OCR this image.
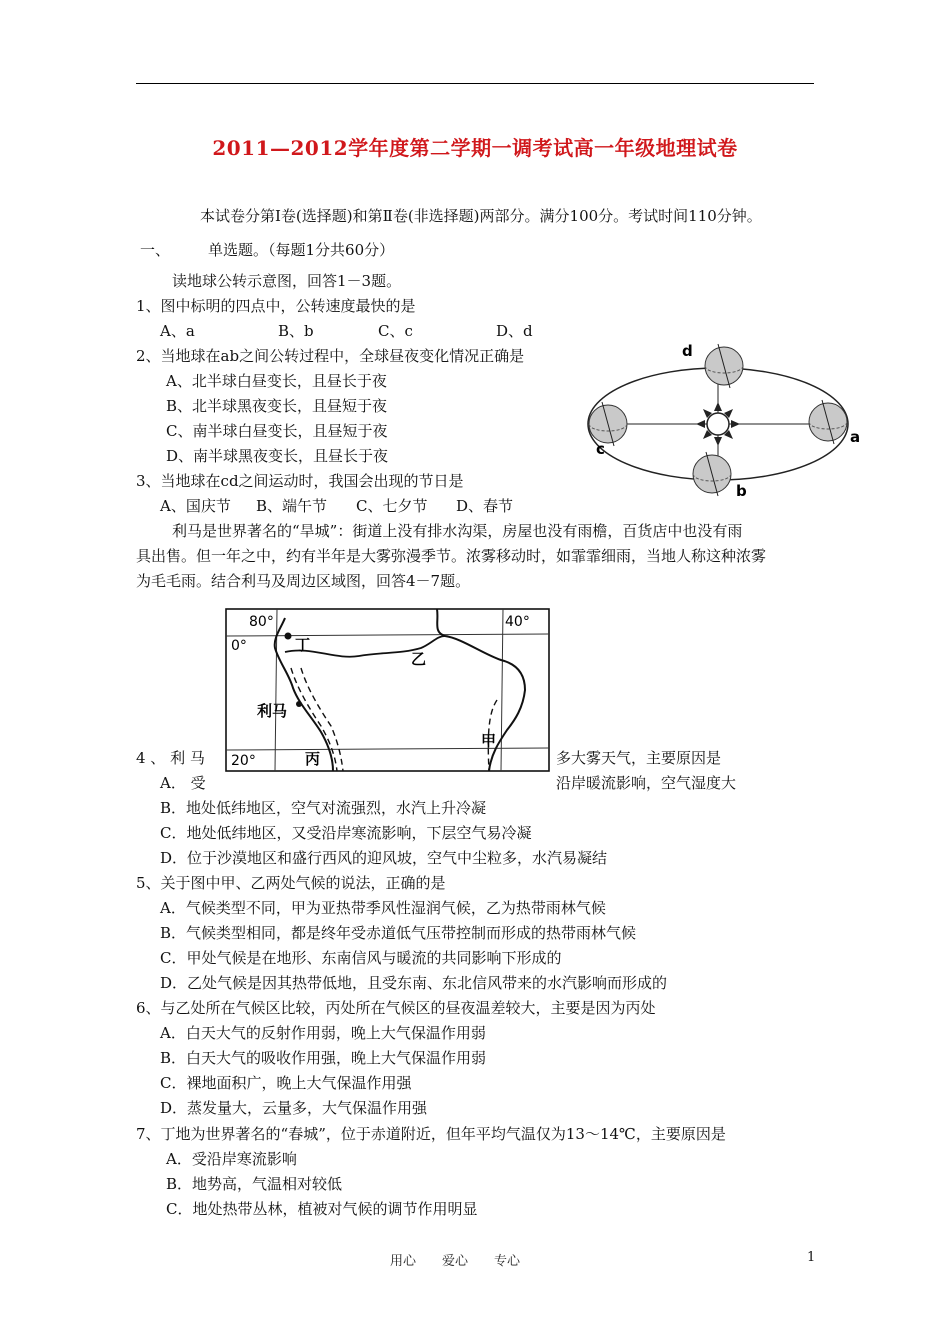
2011—2012学年度第二学期一调考试高一年级地理试卷
本试卷分第Ⅰ卷(选择题)和第Ⅱ卷(非选择题)两部分。满分100分。考试时间110分钟。
一、	单选题。（每题1分共60分）
读地球公转示意图，回答1－3题。
1、图中标明的四点中，公转速度最快的是
A、a	B、b	C、c	D、d
2、当地球在ab之间公转过程中，全球昼夜变化情况正确是
A、北半球白昼变长，且昼长于夜
B、北半球黑夜变长，且昼短于夜
C、南半球白昼变长，且昼短于夜
D、南半球黑夜变长，且昼长于夜
3、当地球在cd之间运动时，我国会出现的节日是
A、国庆节 B、端午节 C、七夕节 D、春节
d
a
c
b
利马是世界著名的“旱城”：街道上没有排水沟渠，房屋也没有雨檐，百货店中也没有雨
具出售。但一年之中，约有半年是大雾弥漫季节。浓雾移动时，如霏霏细雨，当地人称这种浓雾
为毛毛雨。结合利马及周边区域图，回答4－7题。
80°	40°
0°
20°
丁
乙
利马
丙
甲
4 、 利 马	多大雾天气，主要原因是
A． 受	沿岸暖流影响，空气湿度大
B．地处低纬地区，空气对流强烈，水汽上升冷凝
C．地处低纬地区，又受沿岸寒流影响，下层空气易冷凝
D．位于沙漠地区和盛行西风的迎风坡，空气中尘粒多，水汽易凝结
5、关于图中甲、乙两处气候的说法，正确的是
A．气候类型不同，甲为亚热带季风性湿润气候，乙为热带雨林气候
B．气候类型相同，都是终年受赤道低气压带控制而形成的热带雨林气候
C．甲处气候是在地形、东南信风与暖流的共同影响下形成的
D．乙处气候是因其热带低地，且受东南、东北信风带来的水汽影响而形成的
6、与乙处所在气候区比较，丙处所在气候区的昼夜温差较大，主要是因为丙处
A．白天大气的反射作用弱，晚上大气保温作用弱
B．白天大气的吸收作用强，晚上大气保温作用弱
C．裸地面积广，晚上大气保温作用强
D．蒸发量大，云量多，大气保温作用强
7、丁地为世界著名的“春城”，位于赤道附近，但年平均气温仅为13～14℃，主要原因是
A．受沿岸寒流影响
B．地势高，气温相对较低
C．地处热带丛林，植被对气候的调节作用明显
用心 爱心 专心	1
